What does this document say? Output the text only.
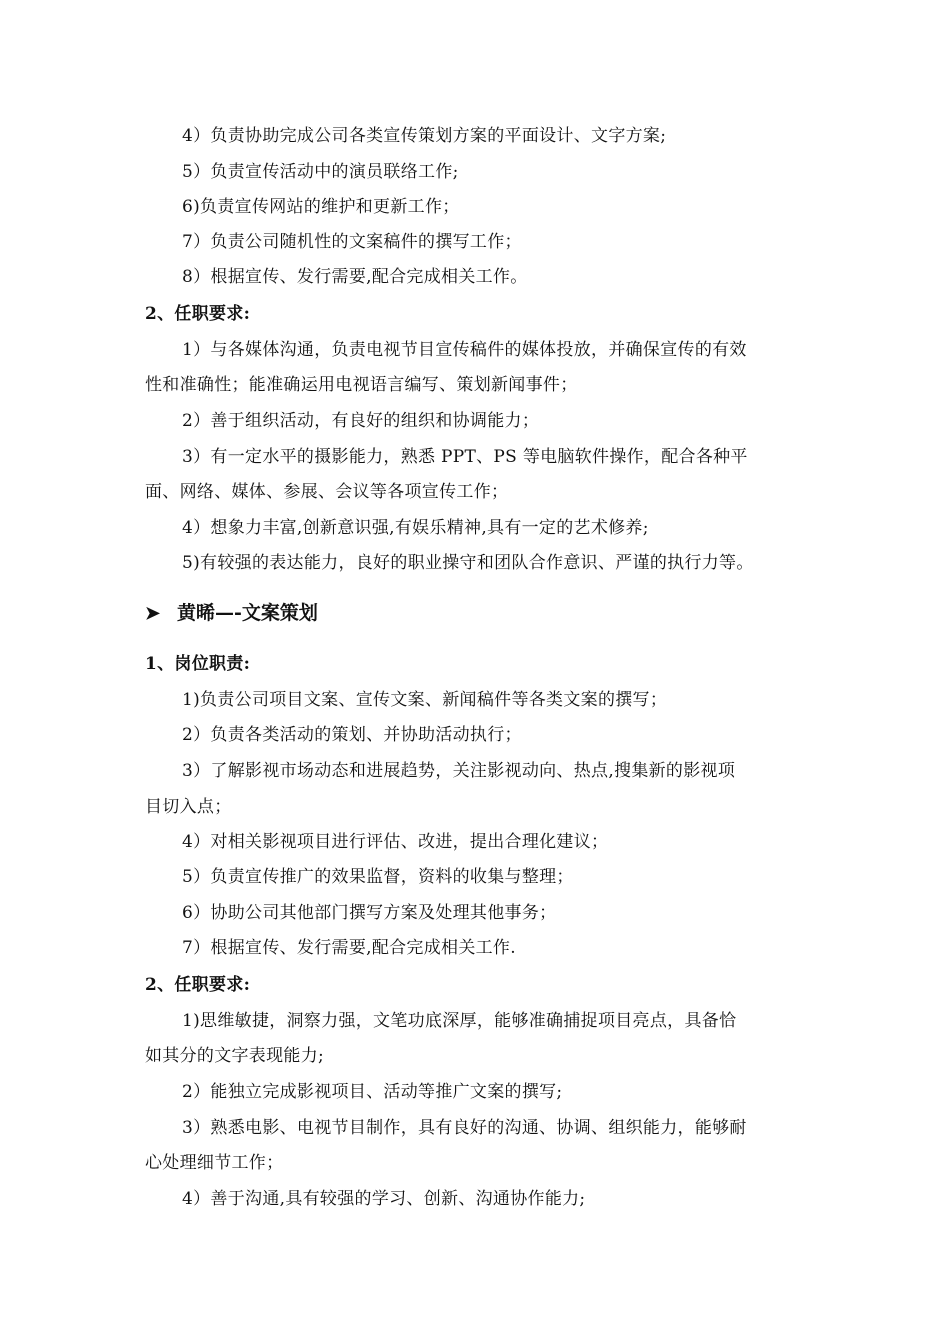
4）负责协助完成公司各类宣传策划方案的平面设计、文字方案;
5）负责宣传活动中的演员联络工作;
6)负责宣传网站的维护和更新工作；
7）负责公司随机性的文案稿件的撰写工作；
8）根据宣传、发行需要,配合完成相关工作。
2、任职要求:
1）与各媒体沟通，负责电视节目宣传稿件的媒体投放，并确保宣传的有效
性和准确性；能准确运用电视语言编写、策划新闻事件；
2）善于组织活动，有良好的组织和协调能力；
3）有一定水平的摄影能力，熟悉 PPT、PS 等电脑软件操作，配合各种平
面、网络、媒体、参展、会议等各项宣传工作；
4）想象力丰富,创新意识强,有娱乐精神,具有一定的艺术修养;
5)有较强的表达能力，良好的职业操守和团队合作意识、严谨的执行力等。
➤ 黄晞—-文案策划
1、岗位职责:
1)负责公司项目文案、宣传文案、新闻稿件等各类文案的撰写；
2）负责各类活动的策划、并协助活动执行；
3）了解影视市场动态和进展趋势，关注影视动向、热点,搜集新的影视项
目切入点；
4）对相关影视项目进行评估、改进，提出合理化建议；
5）负责宣传推广的效果监督，资料的收集与整理；
6）协助公司其他部门撰写方案及处理其他事务；
7）根据宣传、发行需要,配合完成相关工作.
2、任职要求:
1)思维敏捷，洞察力强，文笔功底深厚，能够准确捕捉项目亮点，具备恰
如其分的文字表现能力;
2）能独立完成影视项目、活动等推广文案的撰写;
3）熟悉电影、电视节目制作，具有良好的沟通、协调、组织能力，能够耐
心处理细节工作；
4）善于沟通,具有较强的学习、创新、沟通协作能力;
